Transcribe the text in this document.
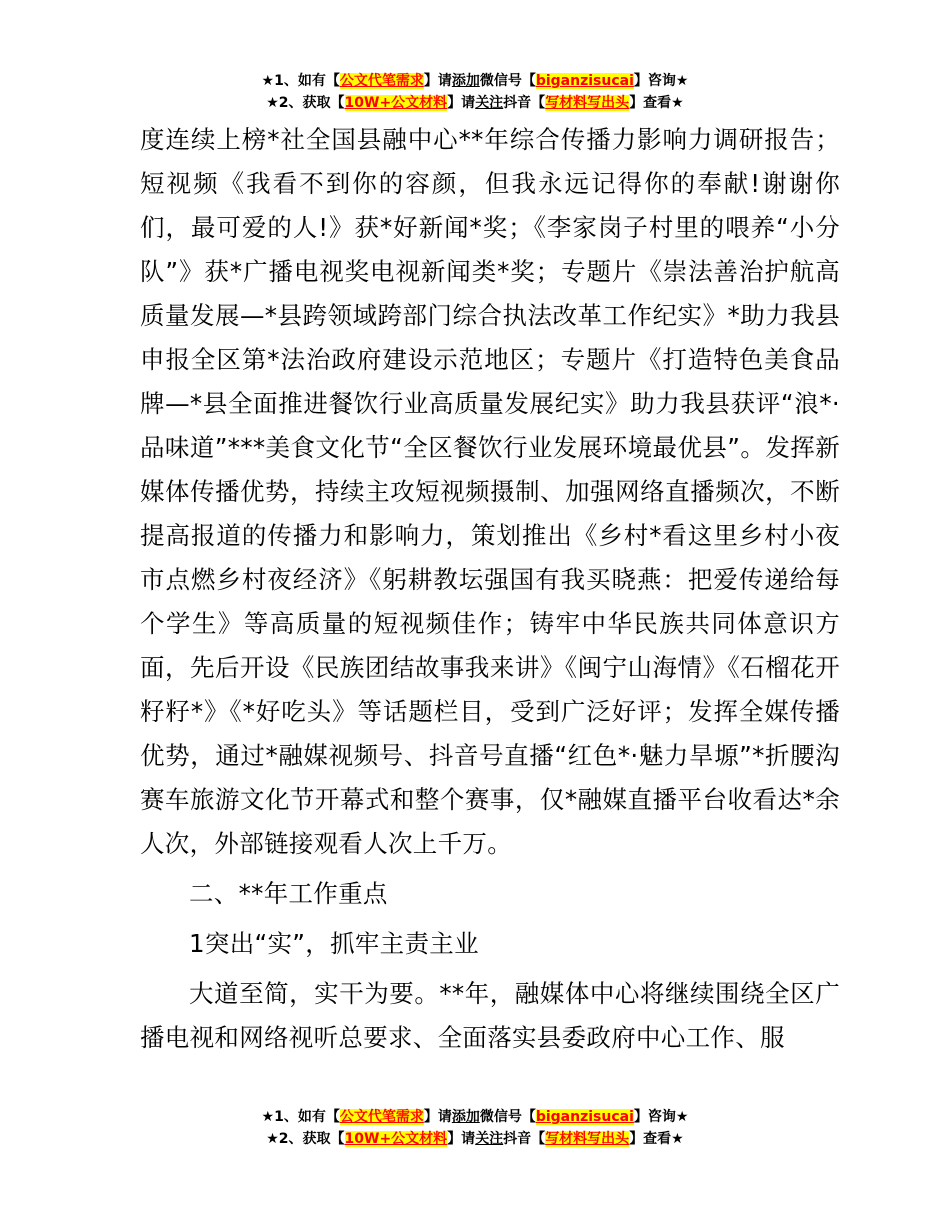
★1、如有【公文代笔需求】请添加微信号【biganzisucai】咨询★
★2、获取【10W+公文材料】请关注抖音【写材料写出头】查看★

度连续上榜*社全国县融中心**年综合传播力影响力调研报告；短视频《我看不到你的容颜，但我永远记得你的奉献!谢谢你们，最可爱的人!》获*好新闻*奖；《李家岗子村里的喂养“小分队”》获*广播电视奖电视新闻类*奖；专题片《崇法善治护航高质量发展—*县跨领域跨部门综合执法改革工作纪实》*助力我县申报全区第*法治政府建设示范地区；专题片《打造特色美食品牌—*县全面推进餐饮行业高质量发展纪实》助力我县获评“浪*·品味道”***美食文化节“全区餐饮行业发展环境最优县”。发挥新媒体传播优势，持续主攻短视频摄制、加强网络直播频次，不断提高报道的传播力和影响力，策划推出《乡村*看这里乡村小夜市点燃乡村夜经济》《躬耕教坛强国有我买晓燕：把爱传递给每个学生》等高质量的短视频佳作；铸牢中华民族共同体意识方面，先后开设《民族团结故事我来讲》《闽宁山海情》《石榴花开籽籽*》《*好吃头》等话题栏目，受到广泛好评；发挥全媒传播优势，通过*融媒视频号、抖音号直播“红色*·魅力旱塬”*折腰沟赛车旅游文化节开幕式和整个赛事，仅*融媒直播平台收看达*余人次，外部链接观看人次上千万。

二、**年工作重点

1突出“实”，抓牢主责主业

大道至简，实干为要。**年，融媒体中心将继续围绕全区广播电视和网络视听总要求、全面落实县委政府中心工作、服

★1、如有【公文代笔需求】请添加微信号【biganzisucai】咨询★
★2、获取【10W+公文材料】请关注抖音【写材料写出头】查看★
